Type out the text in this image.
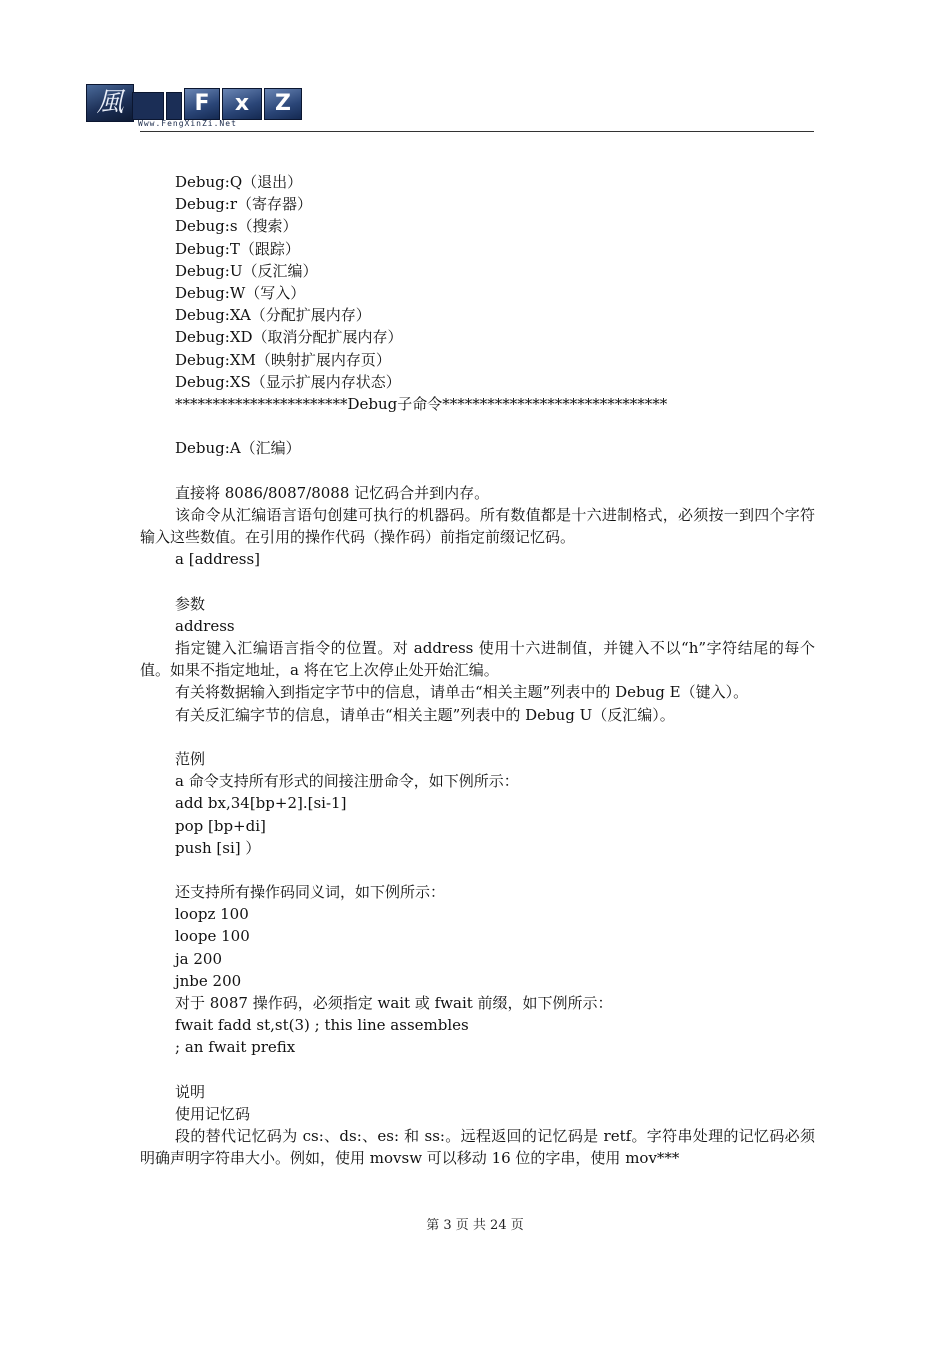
風	F	x	Z
Www.FengXinZi.Net

Debug:Q（退出）

Debug:r（寄存器）

Debug:s（搜索）

Debug:T（跟踪）

Debug:U（反汇编）

Debug:W（写入）

Debug:XA（分配扩展内存）

Debug:XD（取消分配扩展内存）

Debug:XM（映射扩展内存页）

Debug:XS（显示扩展内存状态）

***********************Debug子命令******************************

Debug:A（汇编）

直接将 8086/8087/8088 记忆码合并到内存。

该命令从汇编语言语句创建可执行的机器码。所有数值都是十六进制格式，必须按一到四个字符输入这些数值。在引用的操作代码（操作码）前指定前缀记忆码。

a [address]

参数

address

指定键入汇编语言指令的位置。对 address 使用十六进制值，并键入不以“h”字符结尾的每个值。如果不指定地址，a 将在它上次停止处开始汇编。

有关将数据输入到指定字节中的信息，请单击“相关主题”列表中的 Debug E（键入）。

有关反汇编字节的信息，请单击“相关主题”列表中的 Debug U（反汇编）。

范例

a 命令支持所有形式的间接注册命令，如下例所示：

add bx,34[bp+2].[si-1]

pop [bp+di]

push [si] ）

还支持所有操作码同义词，如下例所示：

loopz 100

loope 100

ja 200

jnbe 200

对于 8087 操作码，必须指定 wait 或 fwait 前缀，如下例所示：

fwait fadd st,st(3) ; this line assembles

; an fwait prefix

说明

使用记忆码

段的替代记忆码为 cs:、ds:、es: 和 ss:。远程返回的记忆码是 retf。字符串处理的记忆码必须明确声明字符串大小。例如，使用 movsw 可以移动 16 位的字串，使用 mov***

第 3 页 共 24 页
